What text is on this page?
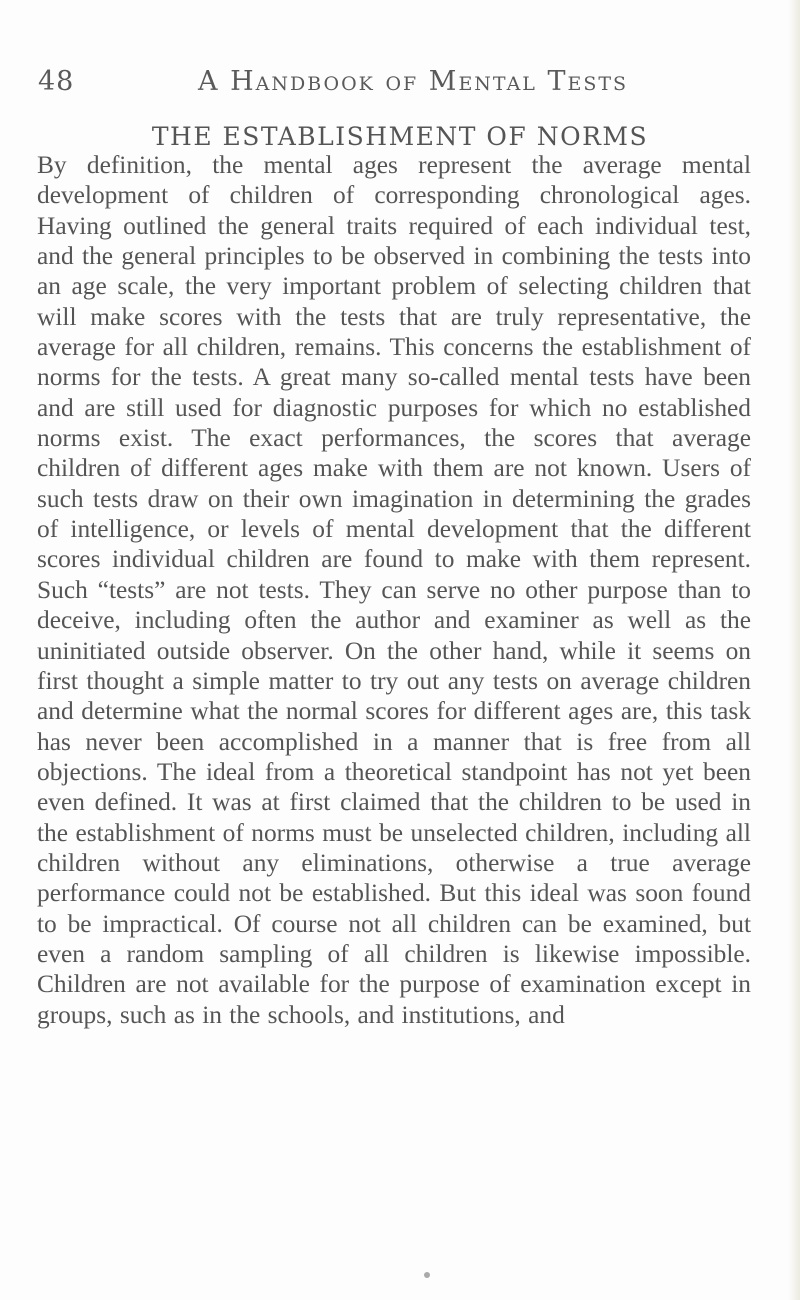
48	A Handbook of Mental Tests
THE ESTABLISHMENT OF NORMS

By definition, the mental ages represent the average mental development of children of corresponding chronological ages. Having outlined the general traits required of each individual test, and the general principles to be observed in combining the tests into an age scale, the very important problem of selecting children that will make scores with the tests that are truly representative, the average for all children, remains. This concerns the establishment of norms for the tests. A great many so-called mental tests have been and are still used for diagnostic purposes for which no established norms exist. The exact performances, the scores that average children of different ages make with them are not known. Users of such tests draw on their own imagination in determining the grades of intelligence, or levels of mental development that the different scores individual children are found to make with them represent. Such “tests” are not tests. They can serve no other purpose than to deceive, including often the author and examiner as well as the uninitiated outside observer. On the other hand, while it seems on first thought a simple matter to try out any tests on average children and determine what the normal scores for different ages are, this task has never been accomplished in a manner that is free from all objections. The ideal from a theoretical standpoint has not yet been even defined. It was at first claimed that the children to be used in the establishment of norms must be unselected children, including all children without any eliminations, otherwise a true average performance could not be established. But this ideal was soon found to be impractical. Of course not all children can be examined, but even a random sampling of all children is likewise impossible. Children are not available for the purpose of examination except in groups, such as in the schools, and institutions, and
